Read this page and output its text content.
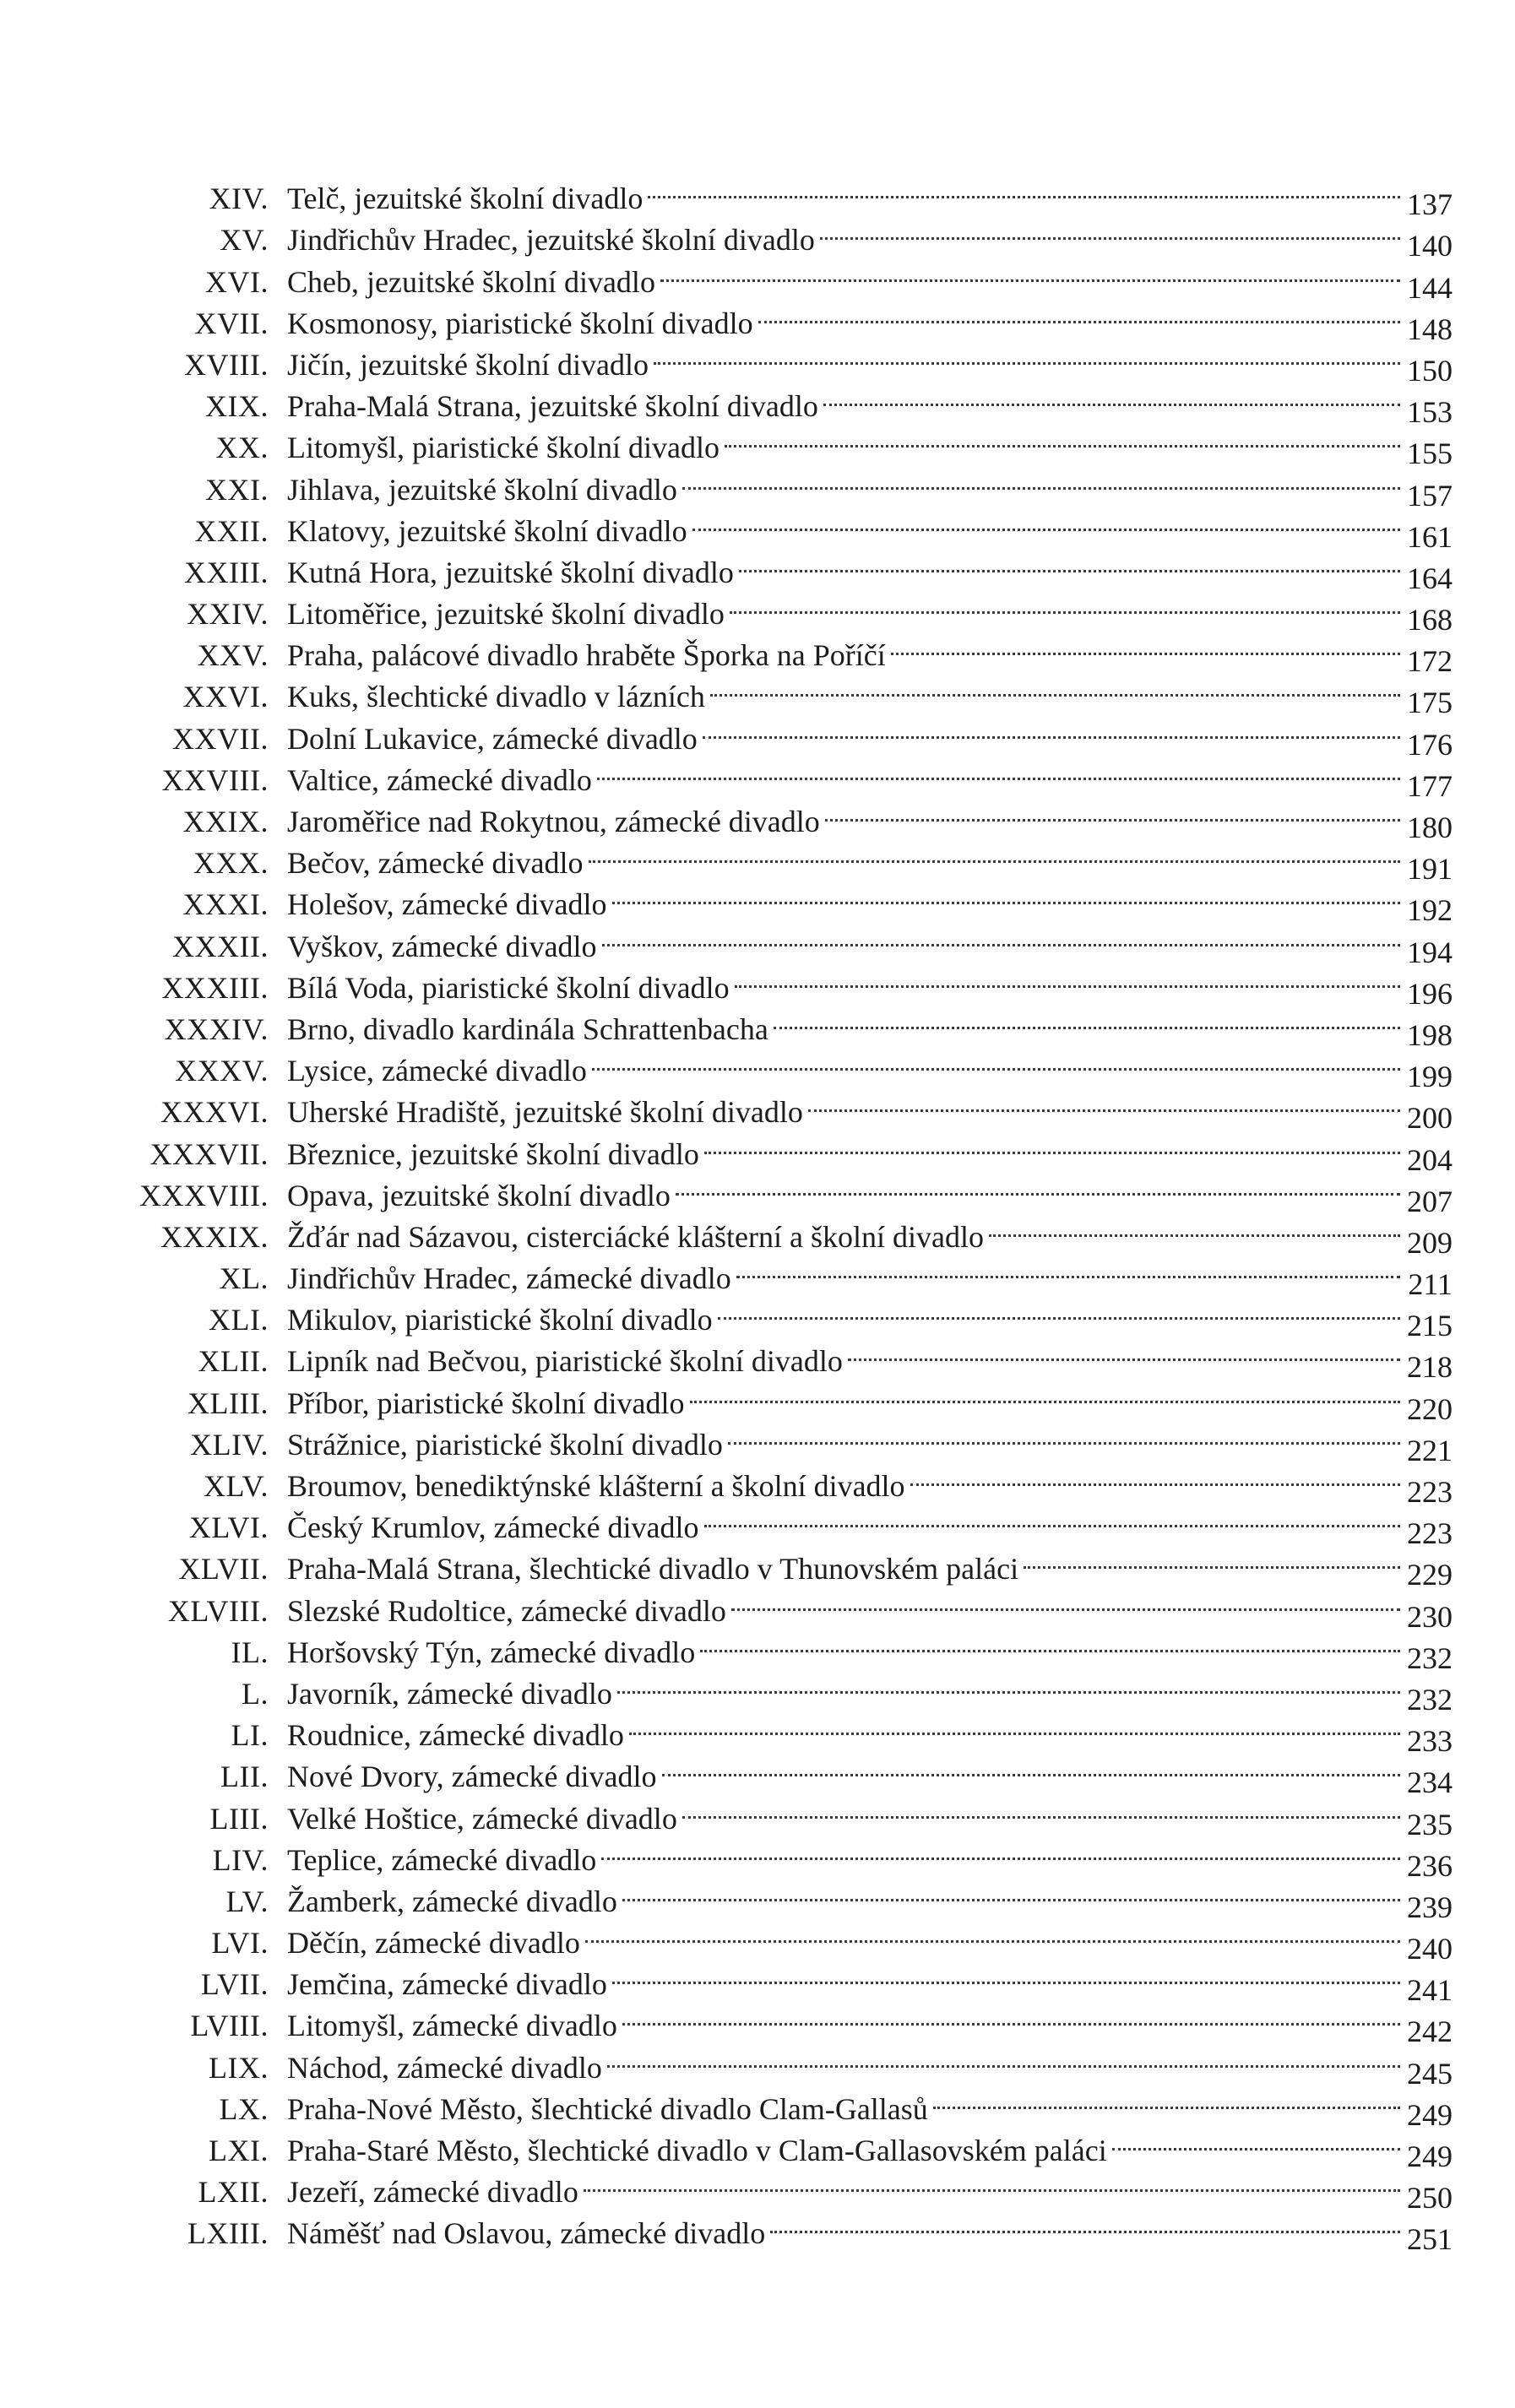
XIV. Telč, jezuitské školní divadlo	137
XV. Jindřichův Hradec, jezuitské školní divadlo	140
XVI. Cheb, jezuitské školní divadlo	144
XVII. Kosmonosy, piaristické školní divadlo	148
XVIII. Jičín, jezuitské školní divadlo	150
XIX. Praha-Malá Strana, jezuitské školní divadlo	153
XX. Litomyšl, piaristické školní divadlo	155
XXI. Jihlava, jezuitské školní divadlo	157
XXII. Klatovy, jezuitské školní divadlo	161
XXIII. Kutná Hora, jezuitské školní divadlo	164
XXIV. Litoměřice, jezuitské školní divadlo	168
XXV. Praha, palácové divadlo hraběte Šporka na Poříčí	172
XXVI. Kuks, šlechtické divadlo v lázních	175
XXVII. Dolní Lukavice, zámecké divadlo	176
XXVIII. Valtice, zámecké divadlo	177
XXIX. Jaroměřice nad Rokytnou, zámecké divadlo	180
XXX. Bečov, zámecké divadlo	191
XXXI. Holešov, zámecké divadlo	192
XXXII. Vyškov, zámecké divadlo	194
XXXIII. Bílá Voda, piaristické školní divadlo	196
XXXIV. Brno, divadlo kardinála Schrattenbacha	198
XXXV. Lysice, zámecké divadlo	199
XXXVI. Uherské Hradiště, jezuitské školní divadlo	200
XXXVII. Březnice, jezuitské školní divadlo	204
XXXVIII. Opava, jezuitské školní divadlo	207
XXXIX. Žďár nad Sázavou, cisterciácké klášterní a školní divadlo	209
XL. Jindřichův Hradec, zámecké divadlo	211
XLI. Mikulov, piaristické školní divadlo	215
XLII. Lipník nad Bečvou, piaristické školní divadlo	218
XLIII. Příbor, piaristické školní divadlo	220
XLIV. Strážnice, piaristické školní divadlo	221
XLV. Broumov, benediktýnské klášterní a školní divadlo	223
XLVI. Český Krumlov, zámecké divadlo	223
XLVII. Praha-Malá Strana, šlechtické divadlo v Thunovském paláci	229
XLVIII. Slezské Rudoltice, zámecké divadlo	230
IL. Horšovský Týn, zámecké divadlo	232
L. Javorník, zámecké divadlo	232
LI. Roudnice, zámecké divadlo	233
LII. Nové Dvory, zámecké divadlo	234
LIII. Velké Hoštice, zámecké divadlo	235
LIV. Teplice, zámecké divadlo	236
LV. Žamberk, zámecké divadlo	239
LVI. Děčín, zámecké divadlo	240
LVII. Jemčina, zámecké divadlo	241
LVIII. Litomyšl, zámecké divadlo	242
LIX. Náchod, zámecké divadlo	245
LX. Praha-Nové Město, šlechtické divadlo Clam-Gallasů	249
LXI. Praha-Staré Město, šlechtické divadlo v Clam-Gallasovském paláci	249
LXII. Jezeří, zámecké divadlo	250
LXIII. Náměšť nad Oslavou, zámecké divadlo	251
